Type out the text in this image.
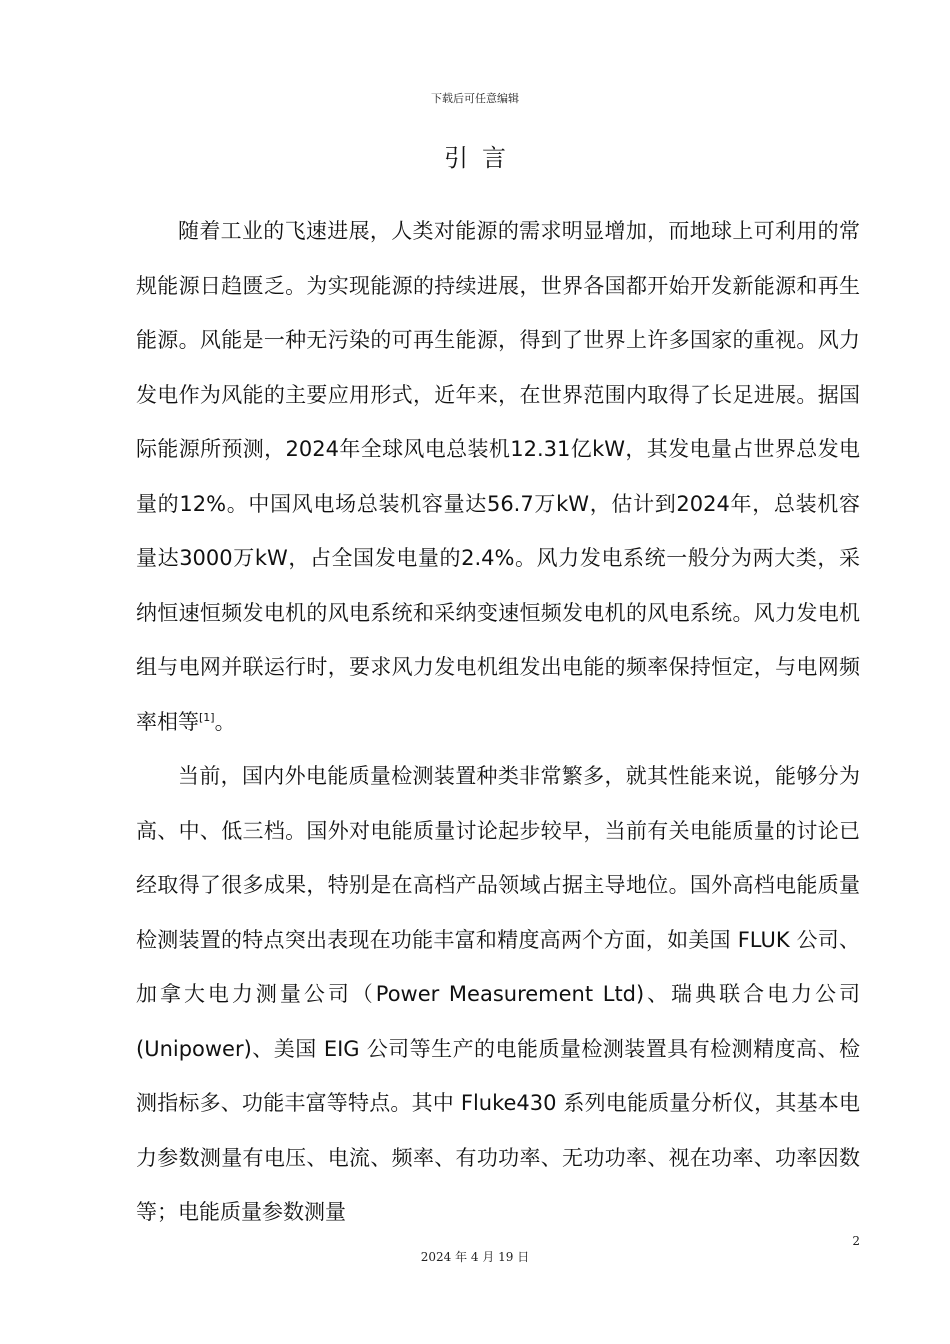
下载后可任意编辑
引言

随着工业的飞速进展，人类对能源的需求明显增加，而地球上可利用的常规能源日趋匮乏。为实现能源的持续进展，世界各国都开始开发新能源和再生能源。风能是一种无污染的可再生能源，得到了世界上许多国家的重视。风力发电作为风能的主要应用形式，近年来，在世界范围内取得了长足进展。据国际能源所预测，2024年全球风电总装机12.31亿kW，其发电量占世界总发电量的12%。中国风电场总装机容量达56.7万kW，估计到2024年，总装机容量达3000万kW，占全国发电量的2.4%。风力发电系统一般分为两大类，采纳恒速恒频发电机的风电系统和采纳变速恒频发电机的风电系统。风力发电机组与电网并联运行时，要求风力发电机组发出电能的频率保持恒定，与电网频率相等[1]。

当前，国内外电能质量检测装置种类非常繁多，就其性能来说，能够分为高、中、低三档。国外对电能质量讨论起步较早，当前有关电能质量的讨论已经取得了很多成果，特别是在高档产品领域占据主导地位。国外高档电能质量检测装置的特点突出表现在功能丰富和精度高两个方面，如美国 FLUK 公司、加拿大电力测量公司（Power Measurement Ltd)、瑞典联合电力公司(Unipower)、美国 EIG 公司等生产的电能质量检测装置具有检测精度高、检测指标多、功能丰富等特点。其中 Fluke430 系列电能质量分析仪，其基本电力参数测量有电压、电流、频率、有功功率、无功功率、视在功率、功率因数等；电能质量参数测量

2
2024 年 4 月 19 日
